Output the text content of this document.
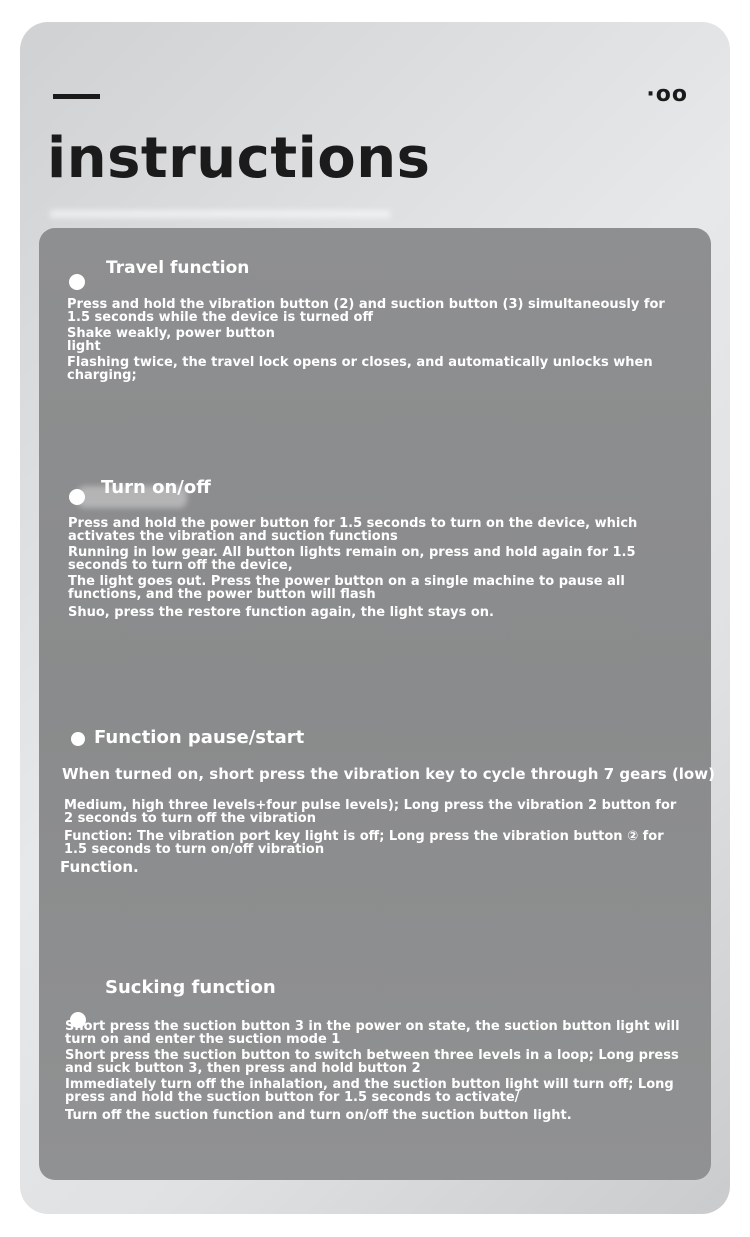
·oo
instructions
Travel function

Press and hold the vibration button (2) and suction button (3) simultaneously for 1.5 seconds while the device is turned off

Shake weakly, power button light

Flashing twice, the travel lock opens or closes, and automatically unlocks when charging;

Turn on/off

Press and hold the power button for 1.5 seconds to turn on the device, which activates the vibration and suction functions

Running in low gear. All button lights remain on, press and hold again for 1.5 seconds to turn off the device,

The light goes out. Press the power button on a single machine to pause all functions, and the power button will flash

Shuo, press the restore function again, the light stays on.

Function pause/start
When turned on, short press the vibration key to cycle through 7 gears (low)

Medium, high three levels+four pulse levels); Long press the vibration 2 button for 2 seconds to turn off the vibration

Function: The vibration port key light is off; Long press the vibration button ② for 1.5 seconds to turn on/off vibration

Function.

Sucking function

Short press the suction button 3 in the power on state, the suction button light will turn on and enter the suction mode 1

Short press the suction button to switch between three levels in a loop; Long press and suck button 3, then press and hold button 2

Immediately turn off the inhalation, and the suction button light will turn off; Long press and hold the suction button for 1.5 seconds to activate/

Turn off the suction function and turn on/off the suction button light.
